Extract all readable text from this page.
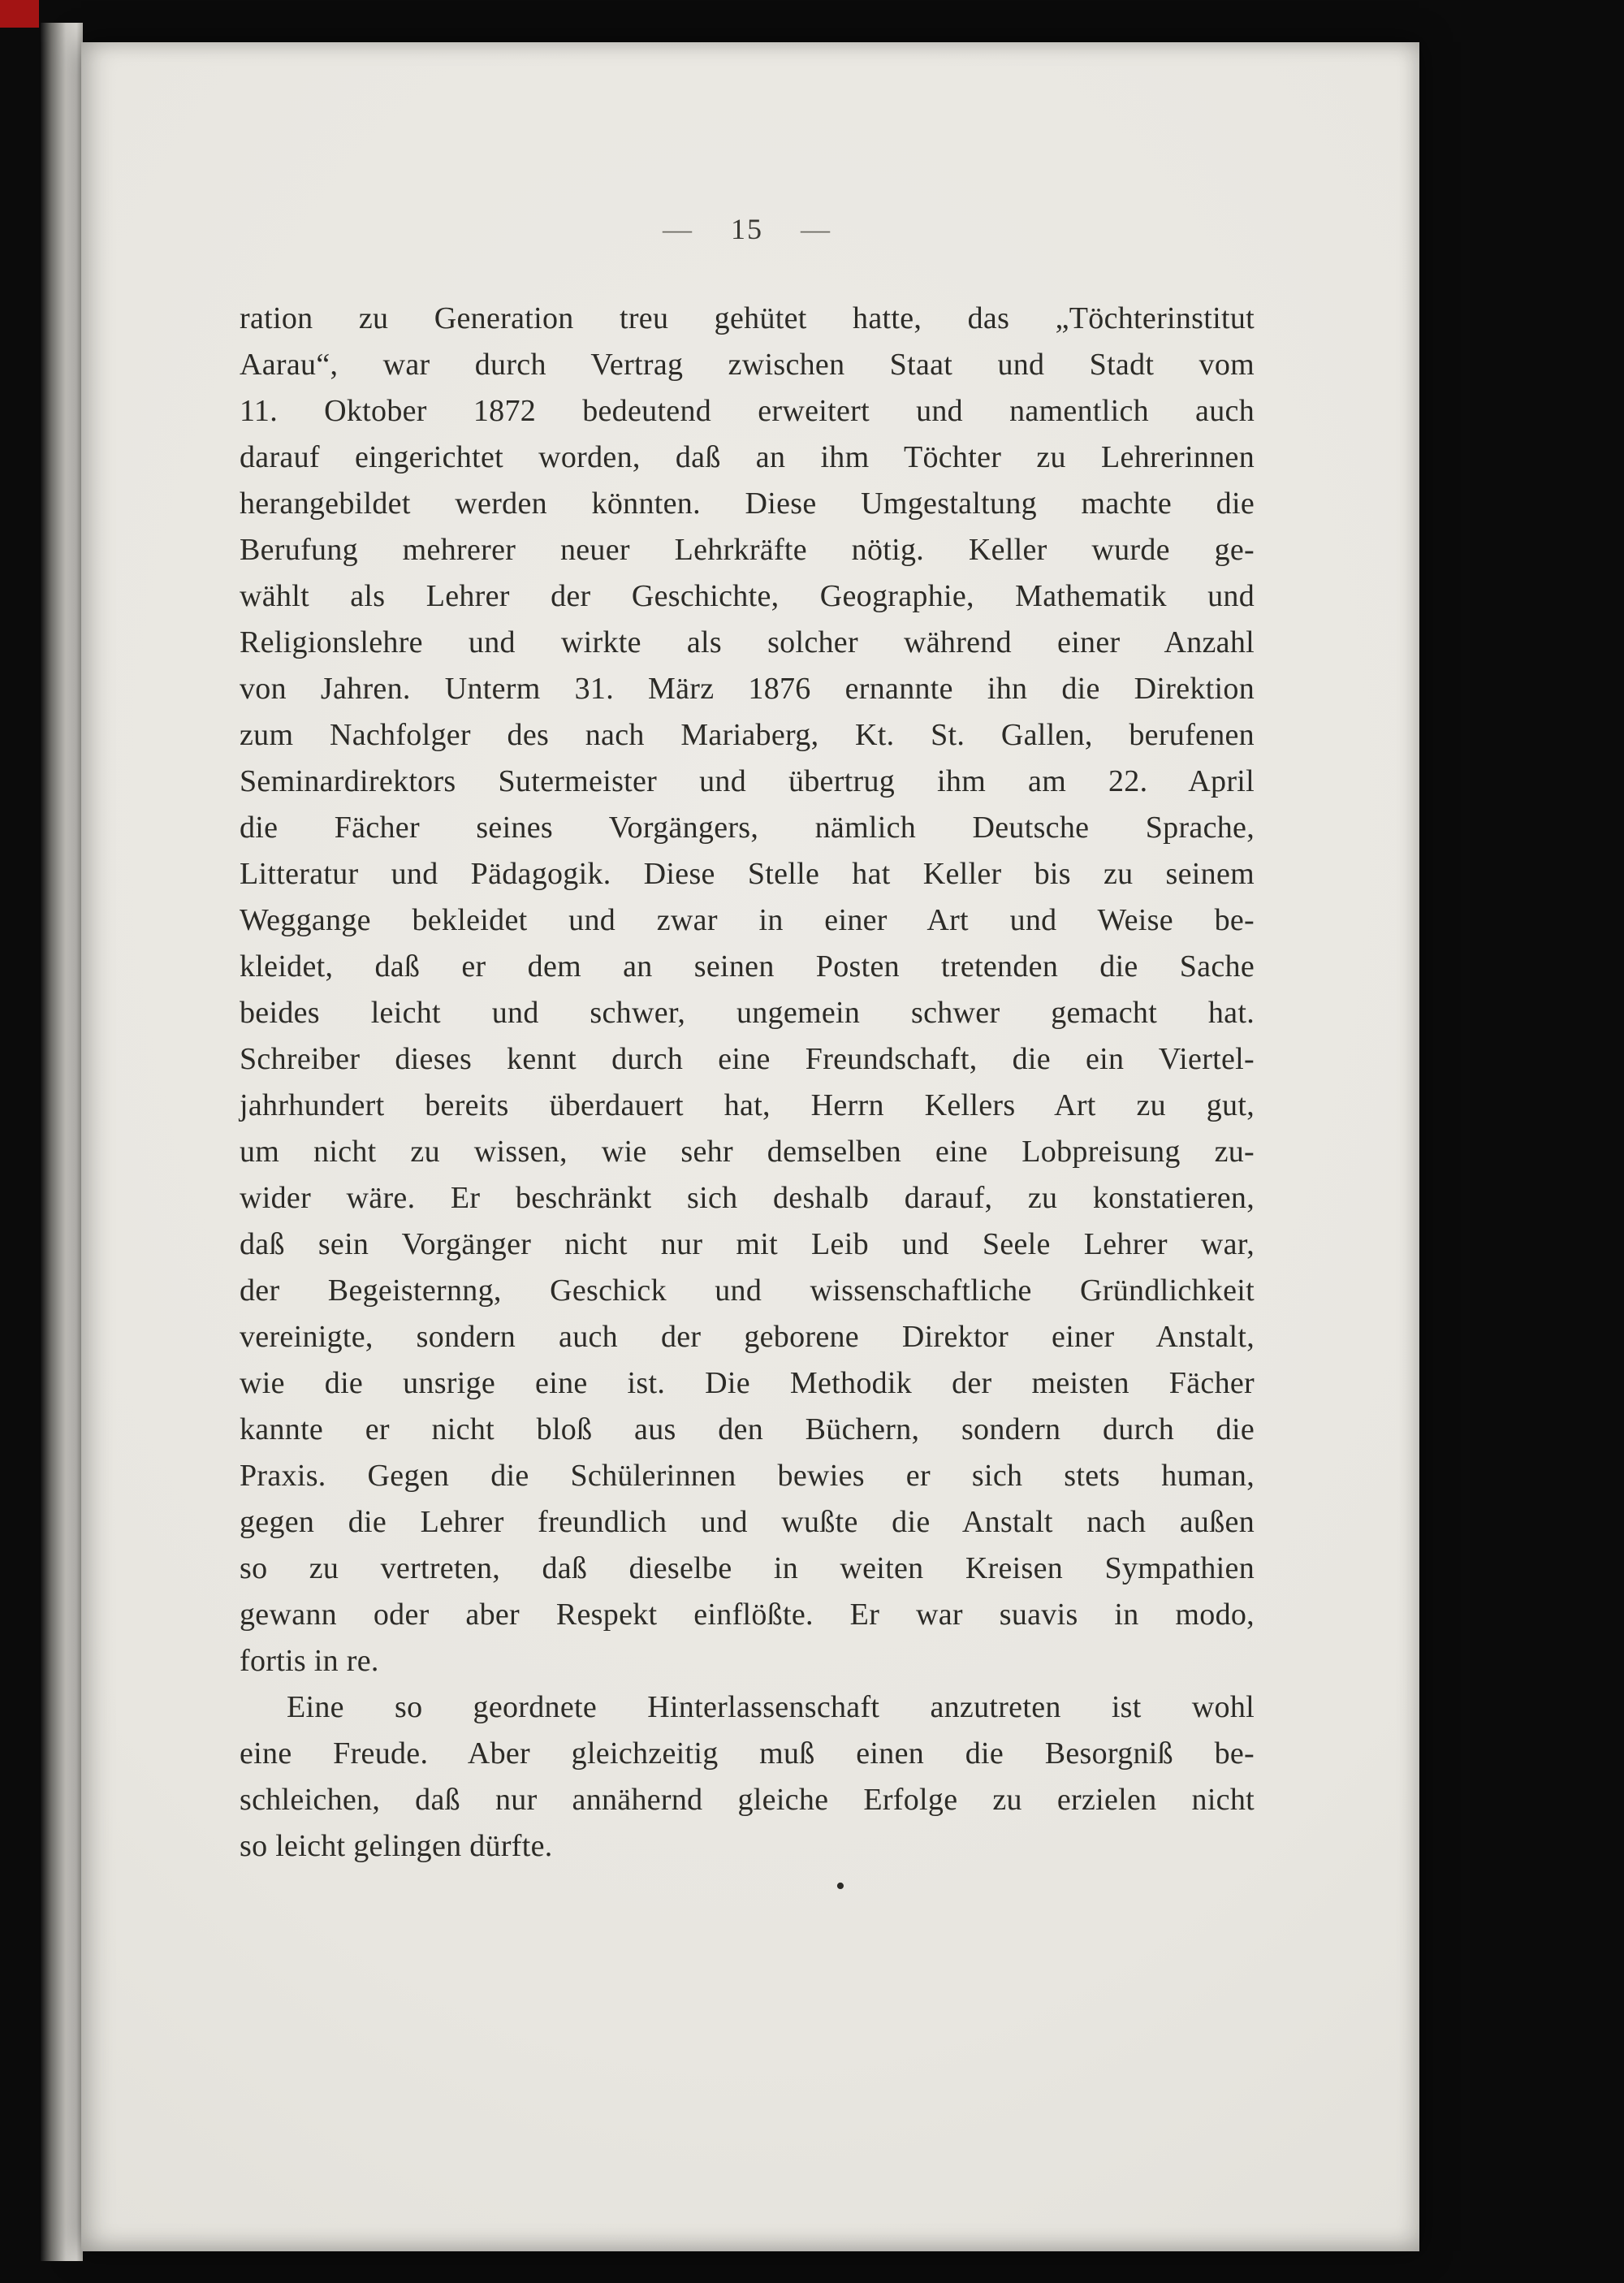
— 15 —
ration zu Generation treu gehütet hatte, das „Töchterinstitut
Aarau“, war durch Vertrag zwischen Staat und Stadt vom
11. Oktober 1872 bedeutend erweitert und namentlich auch
darauf eingerichtet worden, daß an ihm Töchter zu Lehrerinnen
herangebildet werden könnten. Diese Umgestaltung machte die
Berufung mehrerer neuer Lehrkräfte nötig. Keller wurde ge-
wählt als Lehrer der Geschichte, Geographie, Mathematik und
Religionslehre und wirkte als solcher während einer Anzahl
von Jahren. Unterm 31. März 1876 ernannte ihn die Direktion
zum Nachfolger des nach Mariaberg, Kt. St. Gallen, berufenen
Seminardirektors Sutermeister und übertrug ihm am 22. April
die Fächer seines Vorgängers, nämlich Deutsche Sprache,
Litteratur und Pädagogik. Diese Stelle hat Keller bis zu seinem
Weggange bekleidet und zwar in einer Art und Weise be-
kleidet, daß er dem an seinen Posten tretenden die Sache
beides leicht und schwer, ungemein schwer gemacht hat.
Schreiber dieses kennt durch eine Freundschaft, die ein Viertel-
jahrhundert bereits überdauert hat, Herrn Kellers Art zu gut,
um nicht zu wissen, wie sehr demselben eine Lobpreisung zu-
wider wäre. Er beschränkt sich deshalb darauf, zu konstatieren,
daß sein Vorgänger nicht nur mit Leib und Seele Lehrer war,
der Begeisternng, Geschick und wissenschaftliche Gründlichkeit
vereinigte, sondern auch der geborene Direktor einer Anstalt,
wie die unsrige eine ist. Die Methodik der meisten Fächer
kannte er nicht bloß aus den Büchern, sondern durch die
Praxis. Gegen die Schülerinnen bewies er sich stets human,
gegen die Lehrer freundlich und wußte die Anstalt nach außen
so zu vertreten, daß dieselbe in weiten Kreisen Sympathien
gewann oder aber Respekt einflößte. Er war suavis in modo,
fortis in re.
Eine so geordnete Hinterlassenschaft anzutreten ist wohl
eine Freude. Aber gleichzeitig muß einen die Besorgniß be-
schleichen, daß nur annähernd gleiche Erfolge zu erzielen nicht
so leicht gelingen dürfte.
•
